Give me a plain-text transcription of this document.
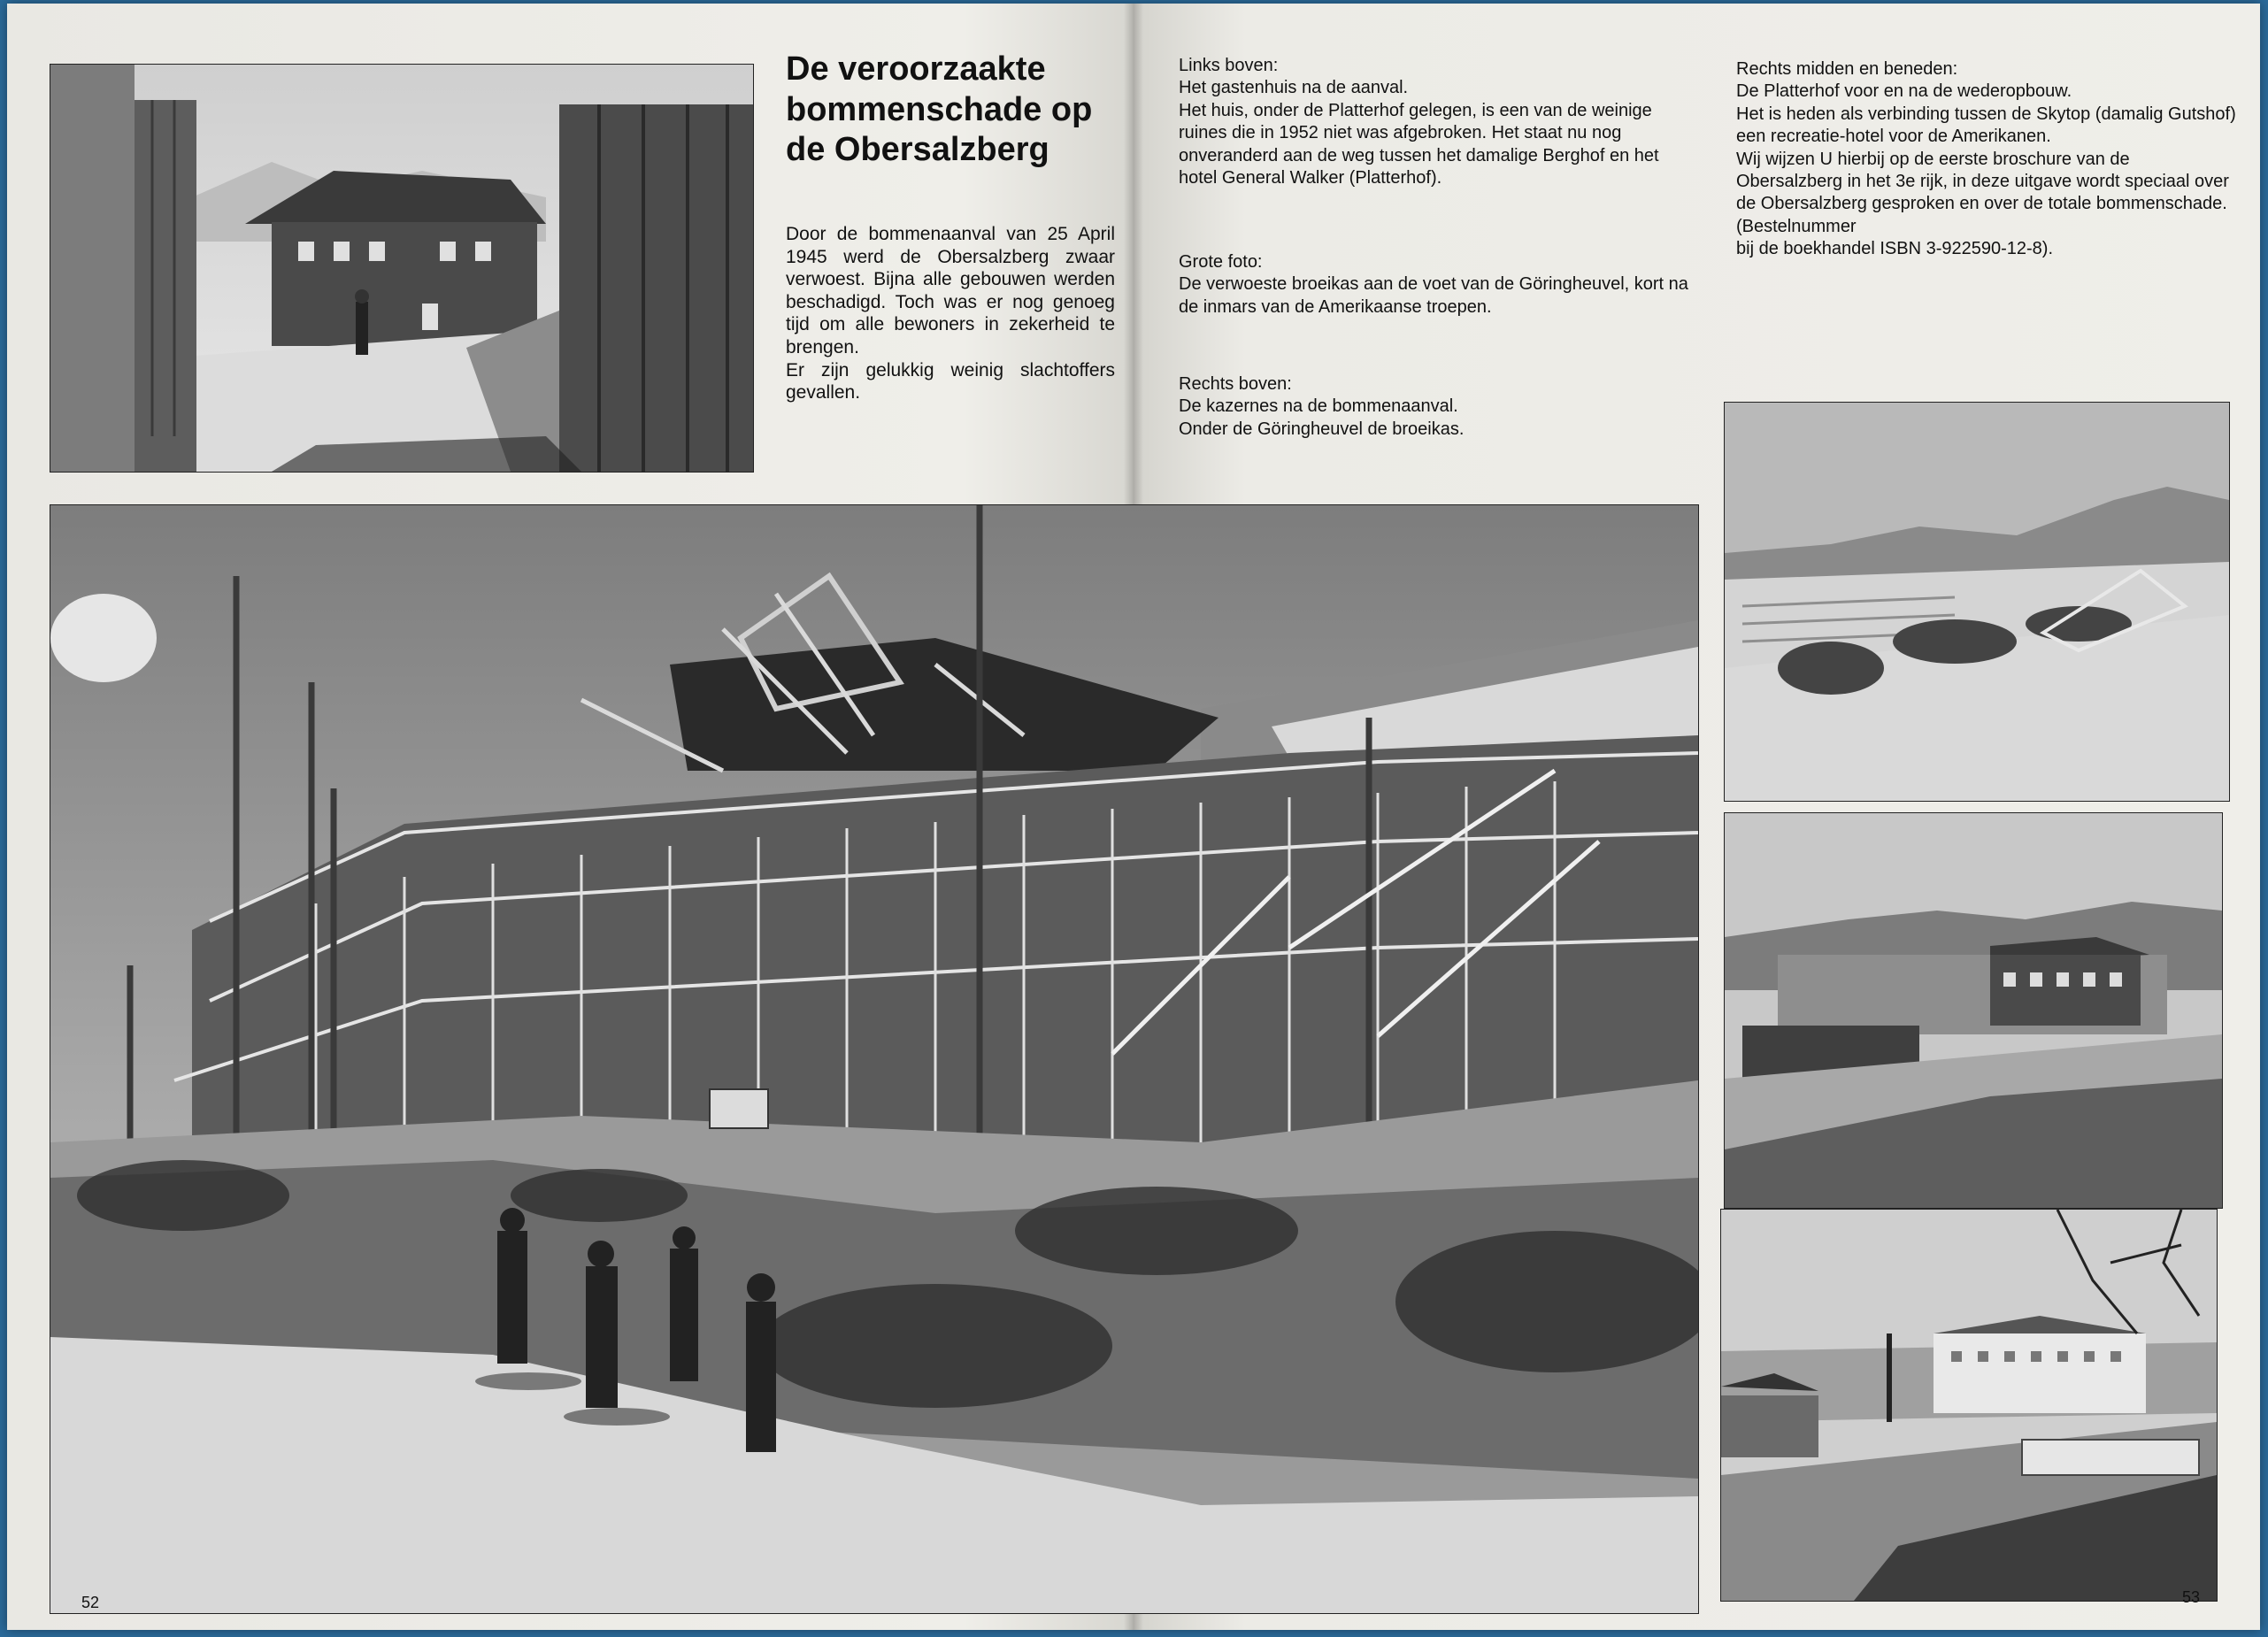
De veroorzaakte
bommenschade op
de Obersalzberg

Door de bommenaanval van 25 April 1945 werd de Obersalzberg zwaar verwoest. Bijna alle gebouwen werden beschadigd. Toch was er nog genoeg tijd om alle bewoners in zekerheid te brengen.

Er zijn gelukkig weinig slachtoffers gevallen.

Links boven:

Het gastenhuis na de aanval.

Het huis, onder de Platterhof gelegen, is een van de weinige ruines die in 1952 niet was afgebroken. Het staat nu nog onveranderd aan de weg tussen het damalige Berghof en het hotel General Walker (Platterhof).

Grote foto:

De verwoeste broeikas aan de voet van de Göringheuvel, kort na de inmars van de Amerikaanse troepen.

Rechts boven:

De kazernes na de bommenaanval.

Onder de Göringheuvel de broeikas.

Rechts midden en beneden:

De Platterhof voor en na de wederopbouw.

Het is heden als verbinding tussen de Skytop (damalig Gutshof) een recreatie-hotel voor de Amerikanen.

Wij wijzen U hierbij op de eerste broschure van de Obersalzberg in het 3e rijk, in deze uitgave wordt speciaal over de Obersalzberg gesproken en over de totale bommenschade.

(Bestelnummer

bij de boekhandel ISBN 3-922590-12-8).

52	53
